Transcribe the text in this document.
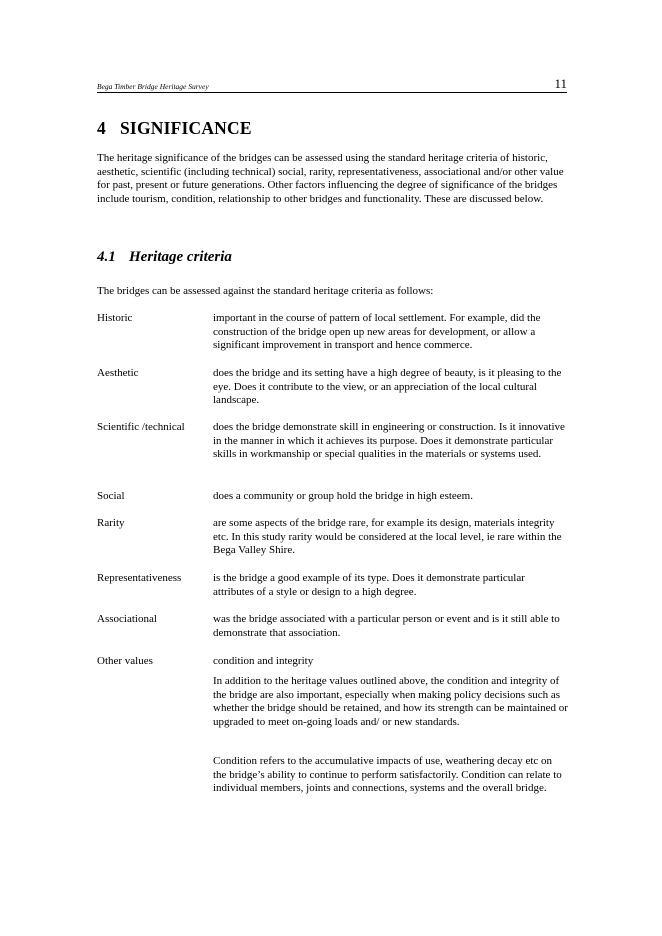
Bega Timber Bridge Heritage Survey	11
4 SIGNIFICANCE

The heritage significance of the bridges can be assessed using the standard heritage criteria of historic, aesthetic, scientific (including technical) social, rarity, representativeness, associational and/or other value for past, present or future generations. Other factors influencing the degree of significance of the bridges include tourism, condition, relationship to other bridges and functionality. These are discussed below.

4.1 Heritage criteria

The bridges can be assessed against the standard heritage criteria as follows:

Historic	important in the course of pattern of local settlement. For example, did the construction of the bridge open up new areas for development, or allow a significant improvement in transport and hence commerce.
Aesthetic	does the bridge and its setting have a high degree of beauty, is it pleasing to the eye. Does it contribute to the view, or an appreciation of the local cultural landscape.
Scientific /technical	does the bridge demonstrate skill in engineering or construction. Is it innovative in the manner in which it achieves its purpose. Does it demonstrate particular skills in workmanship or special qualities in the materials or systems used.
Social	does a community or group hold the bridge in high esteem.
Rarity	are some aspects of the bridge rare, for example its design, materials integrity etc. In this study rarity would be considered at the local level, ie rare within the Bega Valley Shire.
Representativeness	is the bridge a good example of its type. Does it demonstrate particular attributes of a style or design to a high degree.
Associational	was the bridge associated with a particular person or event and is it still able to demonstrate that association.
Other values	condition and integrity

In addition to the heritage values outlined above, the condition and integrity of the bridge are also important, especially when making policy decisions such as whether the bridge should be retained, and how its strength can be maintained or upgraded to meet on-going loads and/ or new standards.

Condition refers to the accumulative impacts of use, weathering decay etc on the bridge’s ability to continue to perform satisfactorily. Condition can relate to individual members, joints and connections, systems and the overall bridge.
